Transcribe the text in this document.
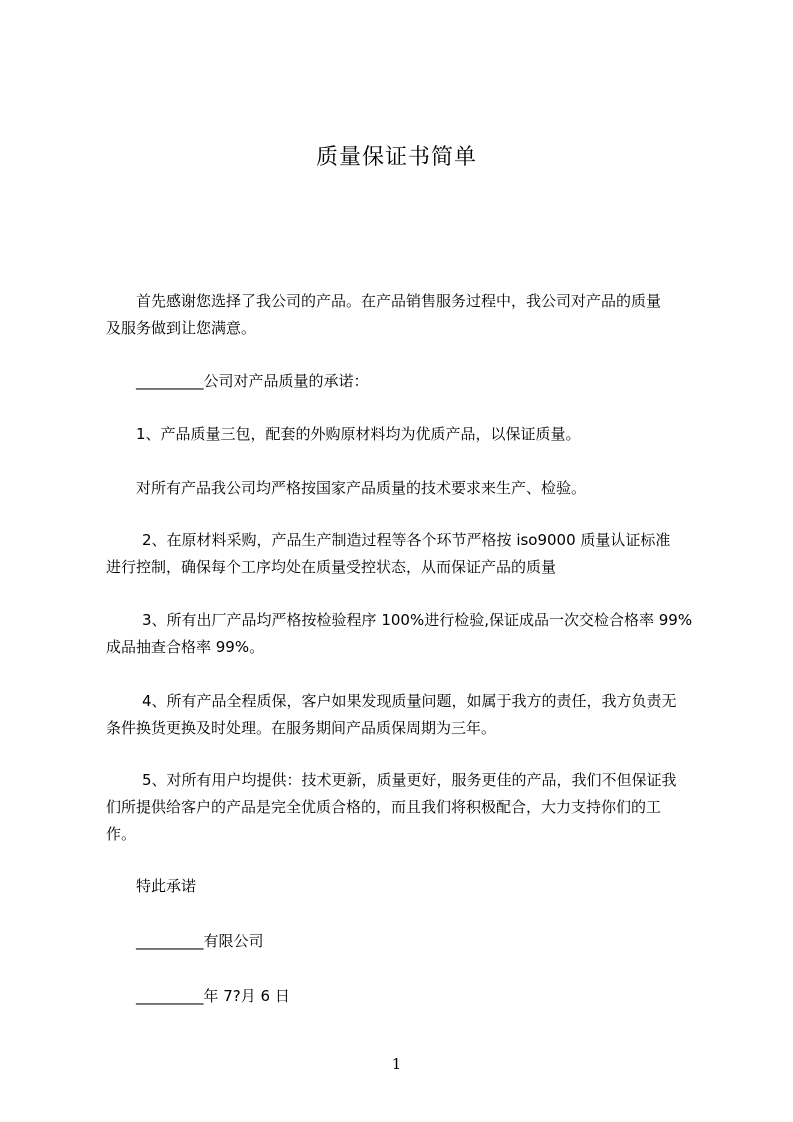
质量保证书简单
首先感谢您选择了我公司的产品。在产品销售服务过程中，我公司对产品的质量
及服务做到让您满意。
_________公司对产品质量的承诺：
1、产品质量三包，配套的外购原材料均为优质产品，以保证质量。
对所有产品我公司均严格按国家产品质量的技术要求来生产、检验。
2、在原材料采购，产品生产制造过程等各个环节严格按 iso9000 质量认证标准
进行控制，确保每个工序均处在质量受控状态，从而保证产品的质量
3、所有出厂产品均严格按检验程序 100%进行检验,保证成品一次交检合格率 99%
成品抽查合格率 99%。
4、所有产品全程质保，客户如果发现质量问题，如属于我方的责任，我方负责无
条件换货更换及时处理。在服务期间产品质保周期为三年。
5、对所有用户均提供：技术更新，质量更好，服务更佳的产品，我们不但保证我
们所提供给客户的产品是完全优质合格的，而且我们将积极配合，大力支持你们的工
作。
特此承诺
_________有限公司
_________年 7?月 6 日
1
